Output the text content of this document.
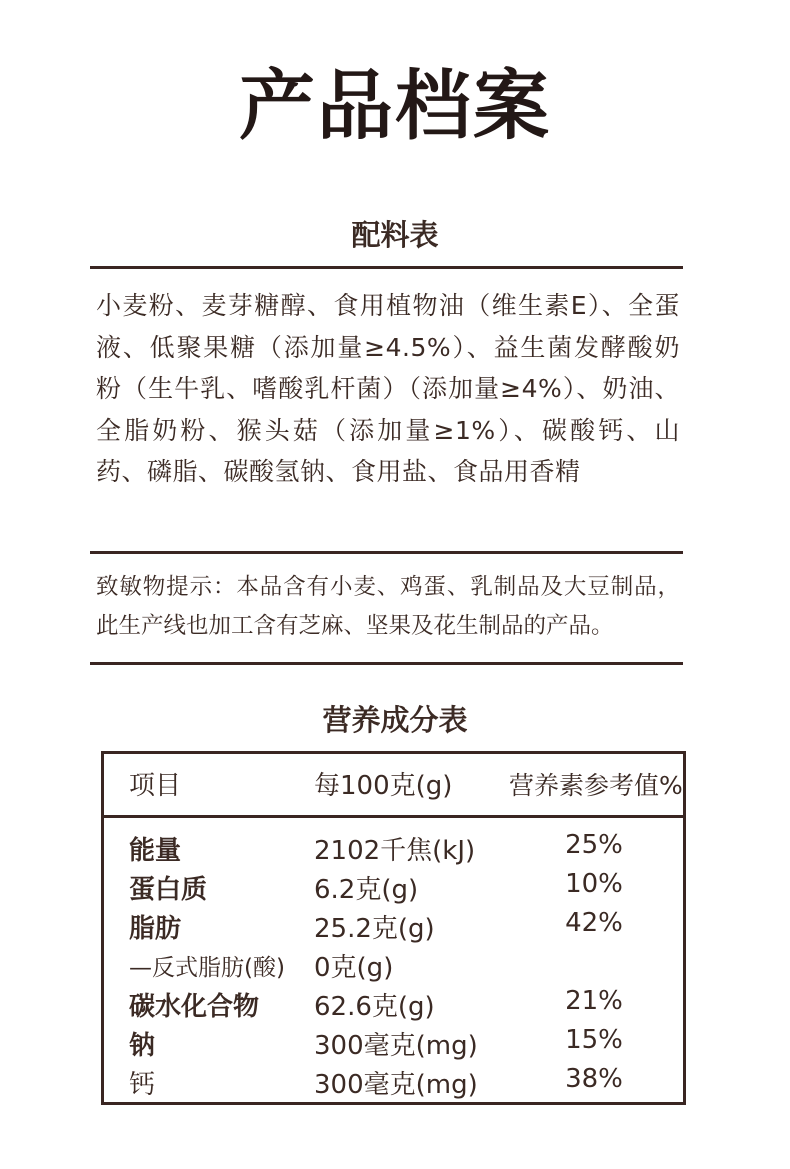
产品档案
配料表
小麦粉、麦芽糖醇、食用植物油（维生素E）、全蛋液、低聚果糖（添加量≥4.5%）、益生菌发酵酸奶粉（生牛乳、嗜酸乳杆菌）（添加量≥4%）、奶油、全脂奶粉、猴头菇（添加量≥1%）、碳酸钙、山药、磷脂、碳酸氢钠、食用盐、食品用香精
致敏物提示：本品含有小麦、鸡蛋、乳制品及大豆制品，此生产线也加工含有芝麻、坚果及花生制品的产品。
营养成分表
项目	每100克(g) 营养素参考值%
能量	2102千焦(kJ)	25%
蛋白质	6.2克(g)	10%
脂肪	25.2克(g)	42%
—反式脂肪(酸) 0克(g)
碳水化合物 62.6克(g)	21%
钠	300毫克(mg)	15%
钙	300毫克(mg)	38%
